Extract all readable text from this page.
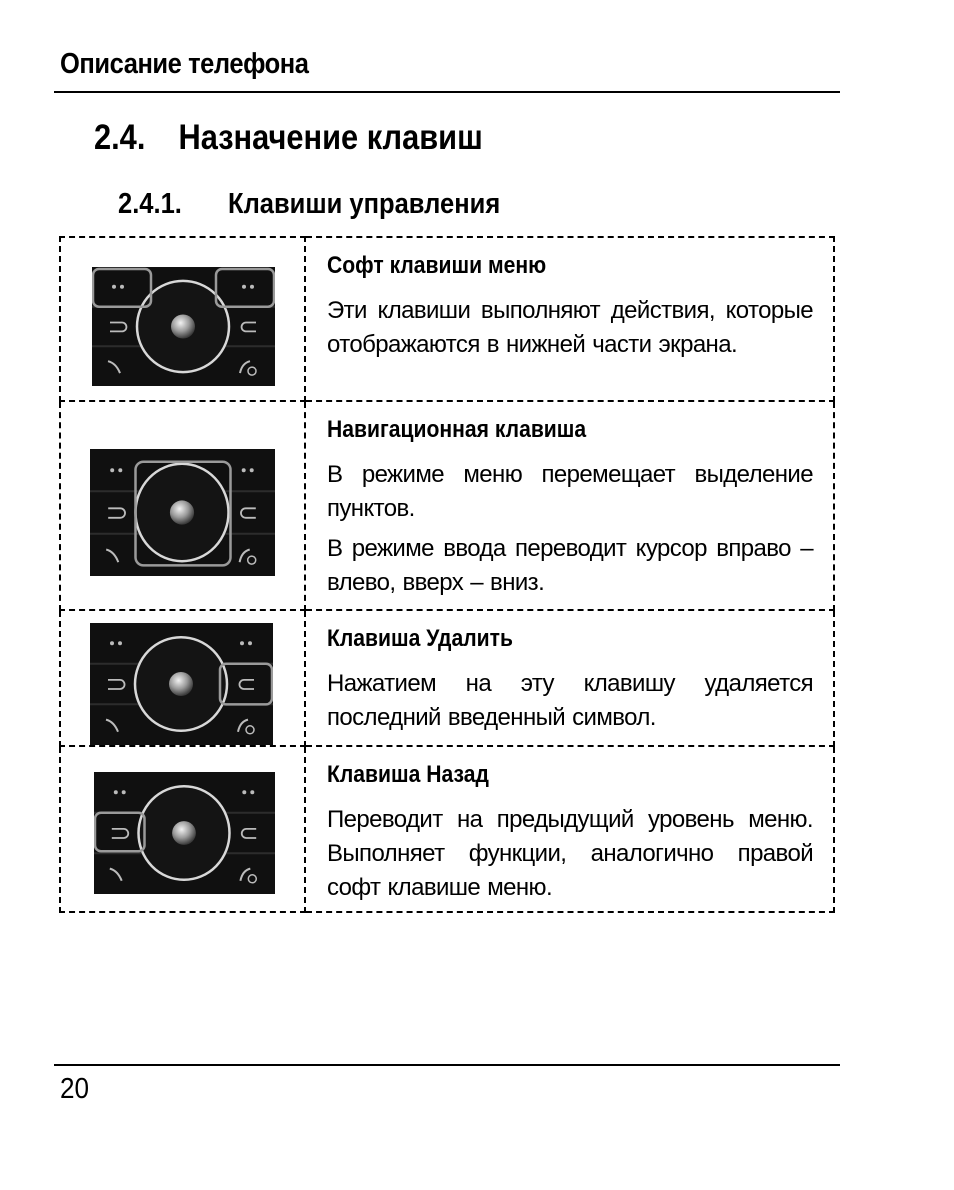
Описание телефона
2.4. Назначение клавиш
2.4.1. Клавиши управления

Софт клавиши меню

Эти клавиши выполняют действия, которые отображаются в нижней части экрана.

Навигационная клавиша

В режиме меню перемещает выделение пунктов.

В режиме ввода переводит курсор вправо – влево, вверх – вниз.

Клавиша Удалить

Нажатием на эту клавишу удаляется последний введенный символ.

Клавиша Назад

Переводит на предыдущий уровень меню. Выполняет функции, аналогично правой софт клавише меню.

20
